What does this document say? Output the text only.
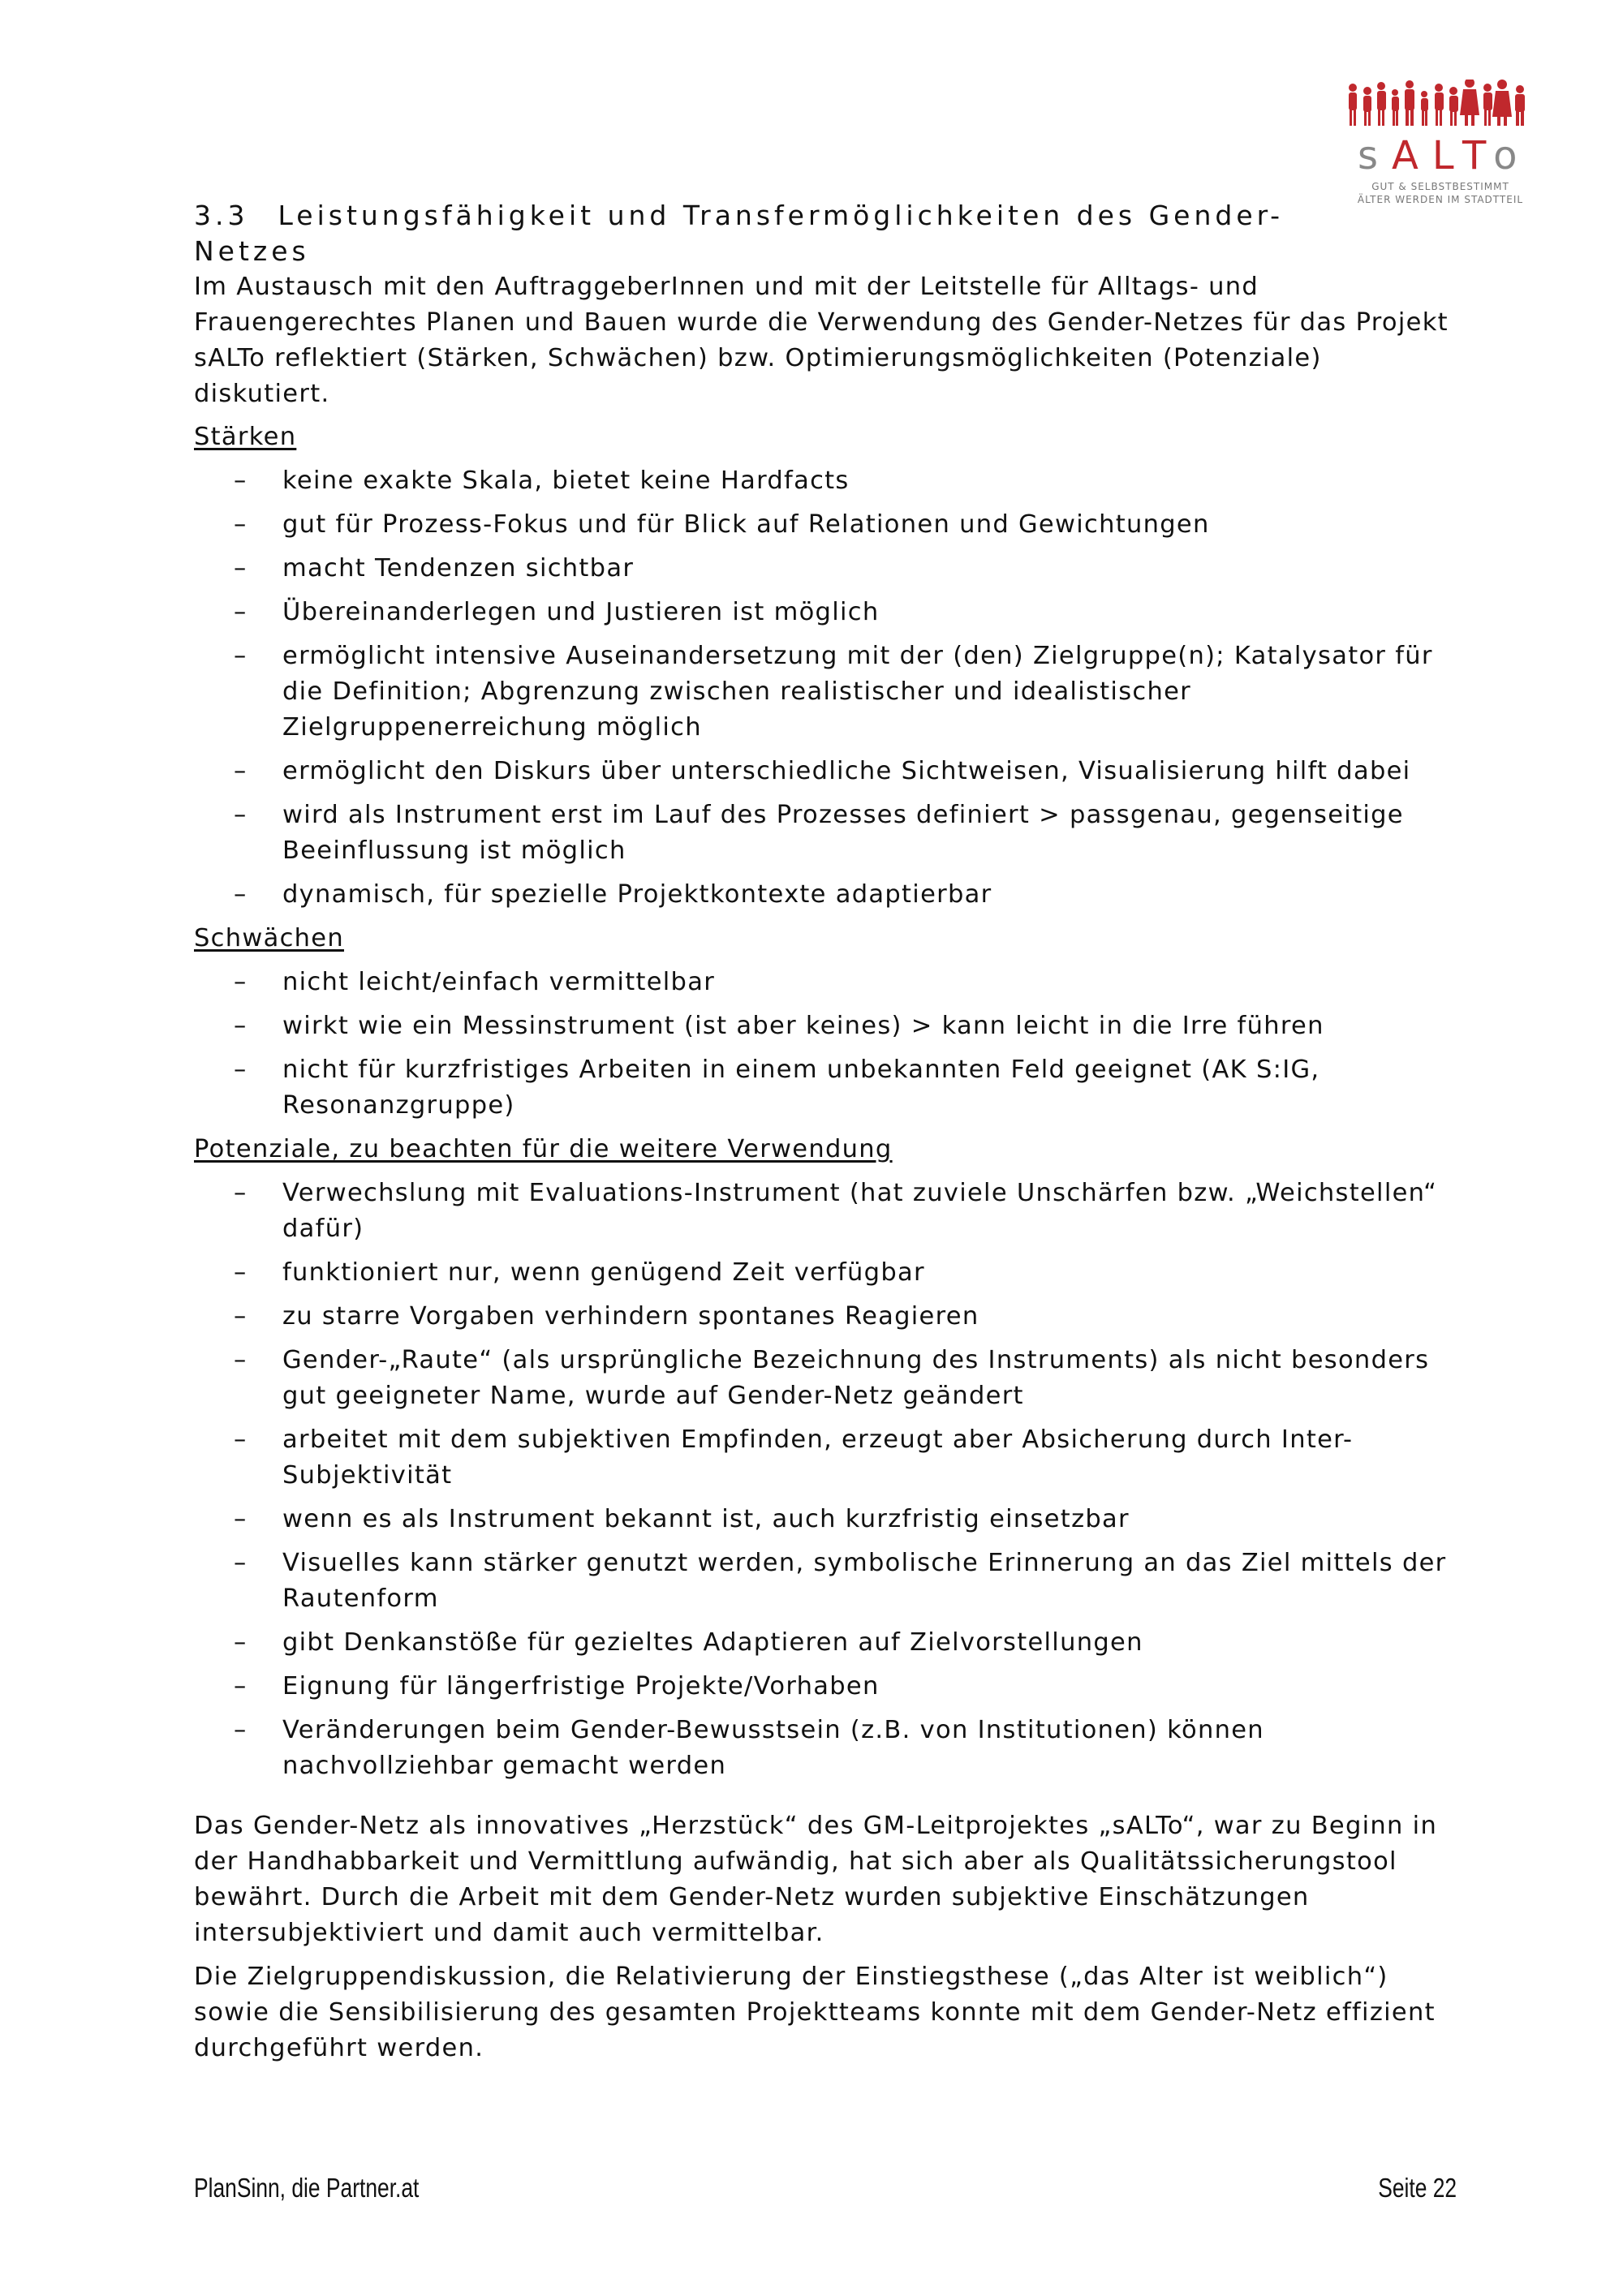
sALTo
GUT & SELBSTBESTIMMT
ÄLTER WERDEN IM STADTTEIL
3.3 Leistungsfähigkeit und Transfermöglichkeiten des Gender-Netzes

Im Austausch mit den AuftraggeberInnen und mit der Leitstelle für Alltags- und Frauengerechtes Planen und Bauen wurde die Verwendung des Gender-Netzes für das Projekt sALTo reflektiert (Stärken, Schwächen) bzw. Optimierungsmöglichkeiten (Potenziale) diskutiert.

Stärken
– keine exakte Skala, bietet keine Hardfacts
– gut für Prozess-Fokus und für Blick auf Relationen und Gewichtungen
– macht Tendenzen sichtbar
– Übereinanderlegen und Justieren ist möglich
– ermöglicht intensive Auseinandersetzung mit der (den) Zielgruppe(n); Katalysator für die Definition; Abgrenzung zwischen realistischer und idealistischer Zielgruppenerreichung möglich
– ermöglicht den Diskurs über unterschiedliche Sichtweisen, Visualisierung hilft dabei
– wird als Instrument erst im Lauf des Prozesses definiert > passgenau, gegenseitige Beeinflussung ist möglich
– dynamisch, für spezielle Projektkontexte adaptierbar
Schwächen
– nicht leicht/einfach vermittelbar
– wirkt wie ein Messinstrument (ist aber keines) > kann leicht in die Irre führen
– nicht für kurzfristiges Arbeiten in einem unbekannten Feld geeignet (AK S:IG, Resonanzgruppe)
Potenziale, zu beachten für die weitere Verwendung
– Verwechslung mit Evaluations-Instrument (hat zuviele Unschärfen bzw. „Weichstellen“ dafür)
– funktioniert nur, wenn genügend Zeit verfügbar
– zu starre Vorgaben verhindern spontanes Reagieren
– Gender-„Raute“ (als ursprüngliche Bezeichnung des Instruments) als nicht besonders gut geeigneter Name, wurde auf Gender-Netz geändert
– arbeitet mit dem subjektiven Empfinden, erzeugt aber Absicherung durch Inter-Subjektivität
– wenn es als Instrument bekannt ist, auch kurzfristig einsetzbar
– Visuelles kann stärker genutzt werden, symbolische Erinnerung an das Ziel mittels der Rautenform
– gibt Denkanstöße für gezieltes Adaptieren auf Zielvorstellungen
– Eignung für längerfristige Projekte/Vorhaben
– Veränderungen beim Gender-Bewusstsein (z.B. von Institutionen) können nachvollziehbar gemacht werden

Das Gender-Netz als innovatives „Herzstück“ des GM-Leitprojektes „sALTo“, war zu Beginn in der Handhabbarkeit und Vermittlung aufwändig, hat sich aber als Qualitätssicherungstool bewährt. Durch die Arbeit mit dem Gender-Netz wurden subjektive Einschätzungen intersubjektiviert und damit auch vermittelbar.

Die Zielgruppendiskussion, die Relativierung der Einstiegsthese („das Alter ist weiblich“) sowie die Sensibilisierung des gesamten Projektteams konnte mit dem Gender-Netz effizient durchgeführt werden.

PlanSinn, die Partner.at	Seite 22
